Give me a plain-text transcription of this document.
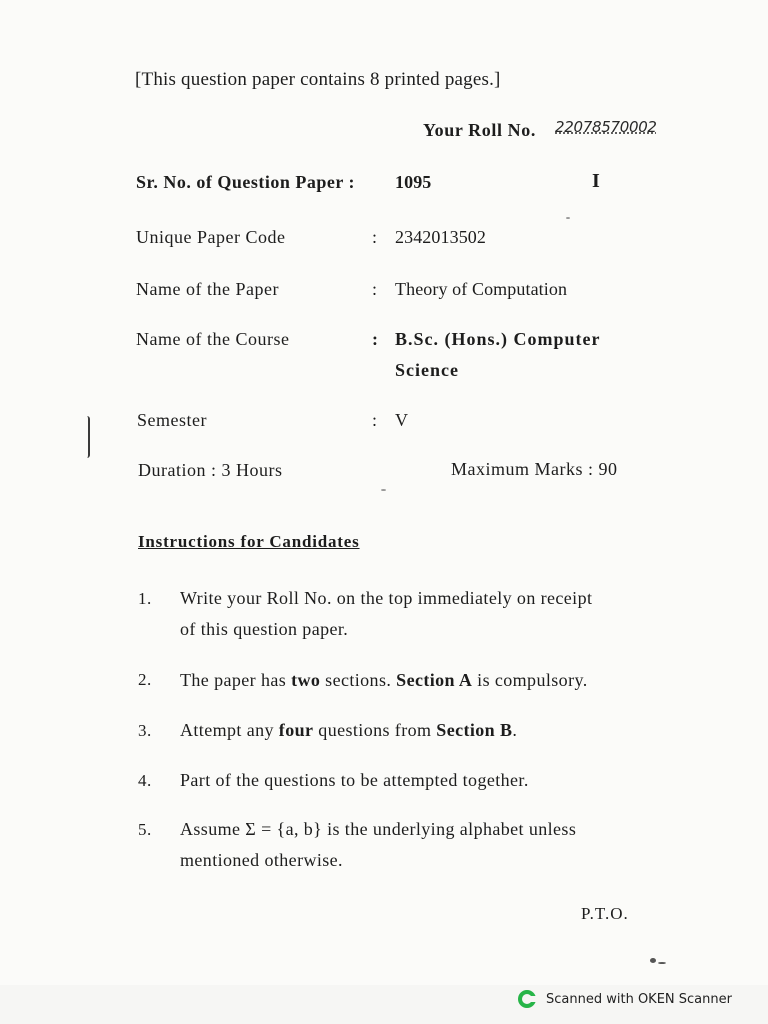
[This question paper contains 8 printed pages.]
Your Roll No. 22078570002
Sr. No. of Question Paper : 1095	I
Unique Paper Code	: 2342013502
Name of the Paper	: Theory of Computation
Name of the Course	: B.Sc. (Hons.) Computer
Science
Semester	: V
Duration : 3 Hours	Maximum Marks : 90
Instructions for Candidates
1. Write your Roll No. on the top immediately on receipt
of this question paper.
2. The paper has two sections. Section A is compulsory.
3. Attempt any four questions from Section B.
4. Part of the questions to be attempted together.
5. Assume Σ = {a, b} is the underlying alphabet unless
mentioned otherwise.
P.T.O.
Scanned with OKEN Scanner
